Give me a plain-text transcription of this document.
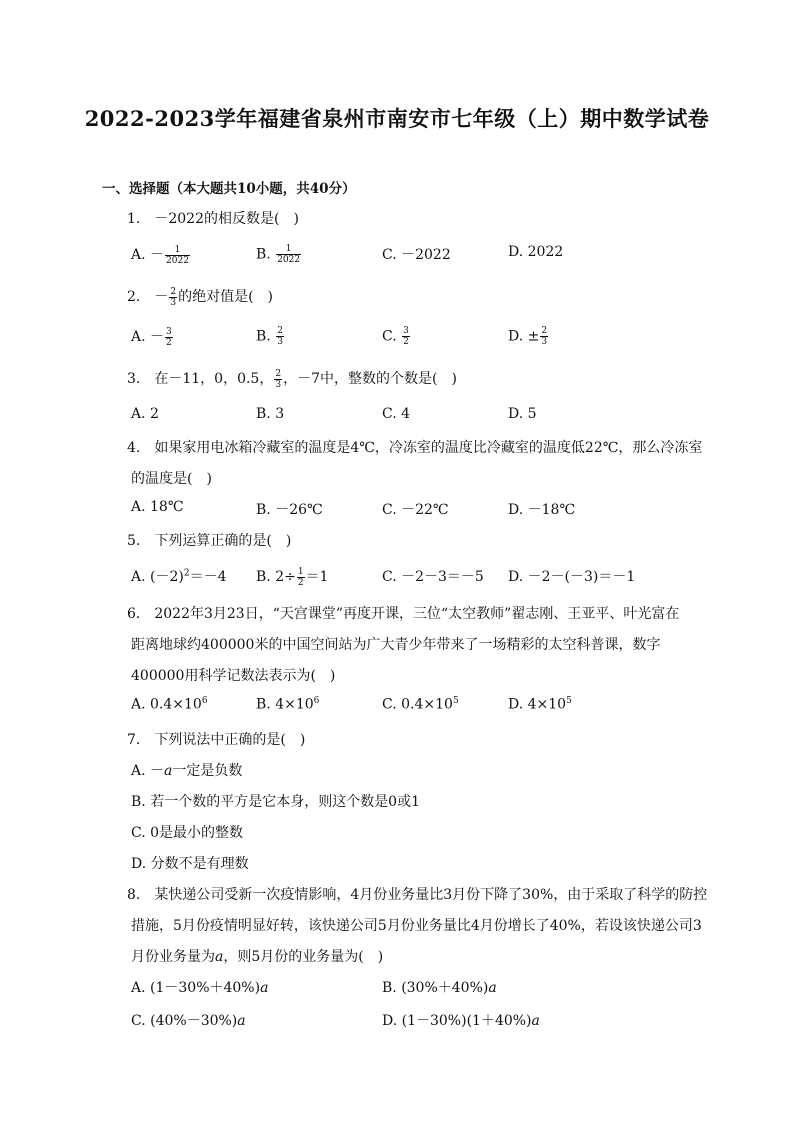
2022-2023学年福建省泉州市南安市七年级（上）期中数学试卷
一、选择题（本大题共10小题，共40分）
1.　－2022的相反数是(　)
A. － $\frac{1}{2022}$	B. $\frac{1}{2022}$	C. －2022	D. 2022
2.　－ $\frac{2}{3}$ 的绝对值是(　)
A. － $\frac{3}{2}$	B. $\frac{2}{3}$	C. $\frac{3}{2}$	D. ± $\frac{2}{3}$
3.　在－11，0，0.5， $\frac{2}{3}$ ，－7中，整数的个数是(　)
A. 2	B. 3	C. 4	D. 5
4.　如果家用电冰箱冷藏室的温度是4℃，冷冻室的温度比冷藏室的温度低22℃，那么冷冻室
的温度是(　)
A. 18℃	B. －26℃	C. －22℃	D. －18℃
5.　下列运算正确的是(　)
A. $(-2)^2=-4$ B. $2\div \frac{1}{2} =1$	C. －2－3＝－5 D. －2－(－3)＝－1
6.　2022年3月23日，“天宫课堂”再度开课，三位“太空教师”翟志刚、王亚平、叶光富在
距离地球约400000米的中国空间站为广大青少年带来了一场精彩的太空科普课，数字
400000用科学记数法表示为(　)
A. $0.4\times 10^6$	B. $4\times 10^6$	C. $0.4\times 10^5$	D. $4\times 10^5$
7.　下列说法中正确的是(　)
A. －a一定是负数
B. 若一个数的平方是它本身，则这个数是0或1
C. 0是最小的整数
D. 分数不是有理数
8.　某快递公司受新一次疫情影响，4月份业务量比3月份下降了30%，由于采取了科学的防控
措施，5月份疫情明显好转，该快递公司5月份业务量比4月份增长了40%，若设该快递公司3
月份业务量为a，则5月份的业务量为(　)
A. (1－30%＋40%)a	B. (30%＋40%)a
C. (40%－30%)a	D. (1－30%)(1＋40%)a
